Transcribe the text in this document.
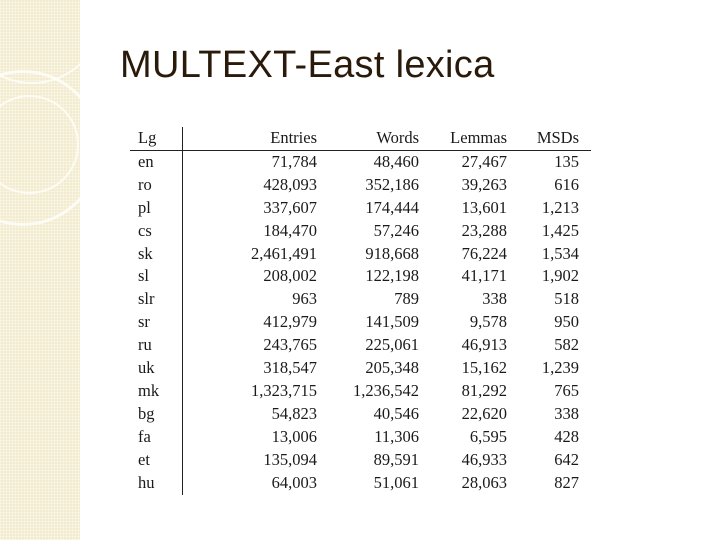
MULTEXT-East lexica
Lg	Entries	Words	Lemmas	MSDs
en	71,784	48,460	27,467	135
ro	428,093	352,186	39,263	616
pl	337,607	174,444	13,601	1,213
cs	184,470	57,246	23,288	1,425
sk	2,461,491	918,668	76,224	1,534
sl	208,002	122,198	41,171	1,902
slr	963	789	338	518
sr	412,979	141,509	9,578	950
ru	243,765	225,061	46,913	582
uk	318,547	205,348	15,162	1,239
mk	1,323,715	1,236,542	81,292	765
bg	54,823	40,546	22,620	338
fa	13,006	11,306	6,595	428
et	135,094	89,591	46,933	642
hu	64,003	51,061	28,063	827
